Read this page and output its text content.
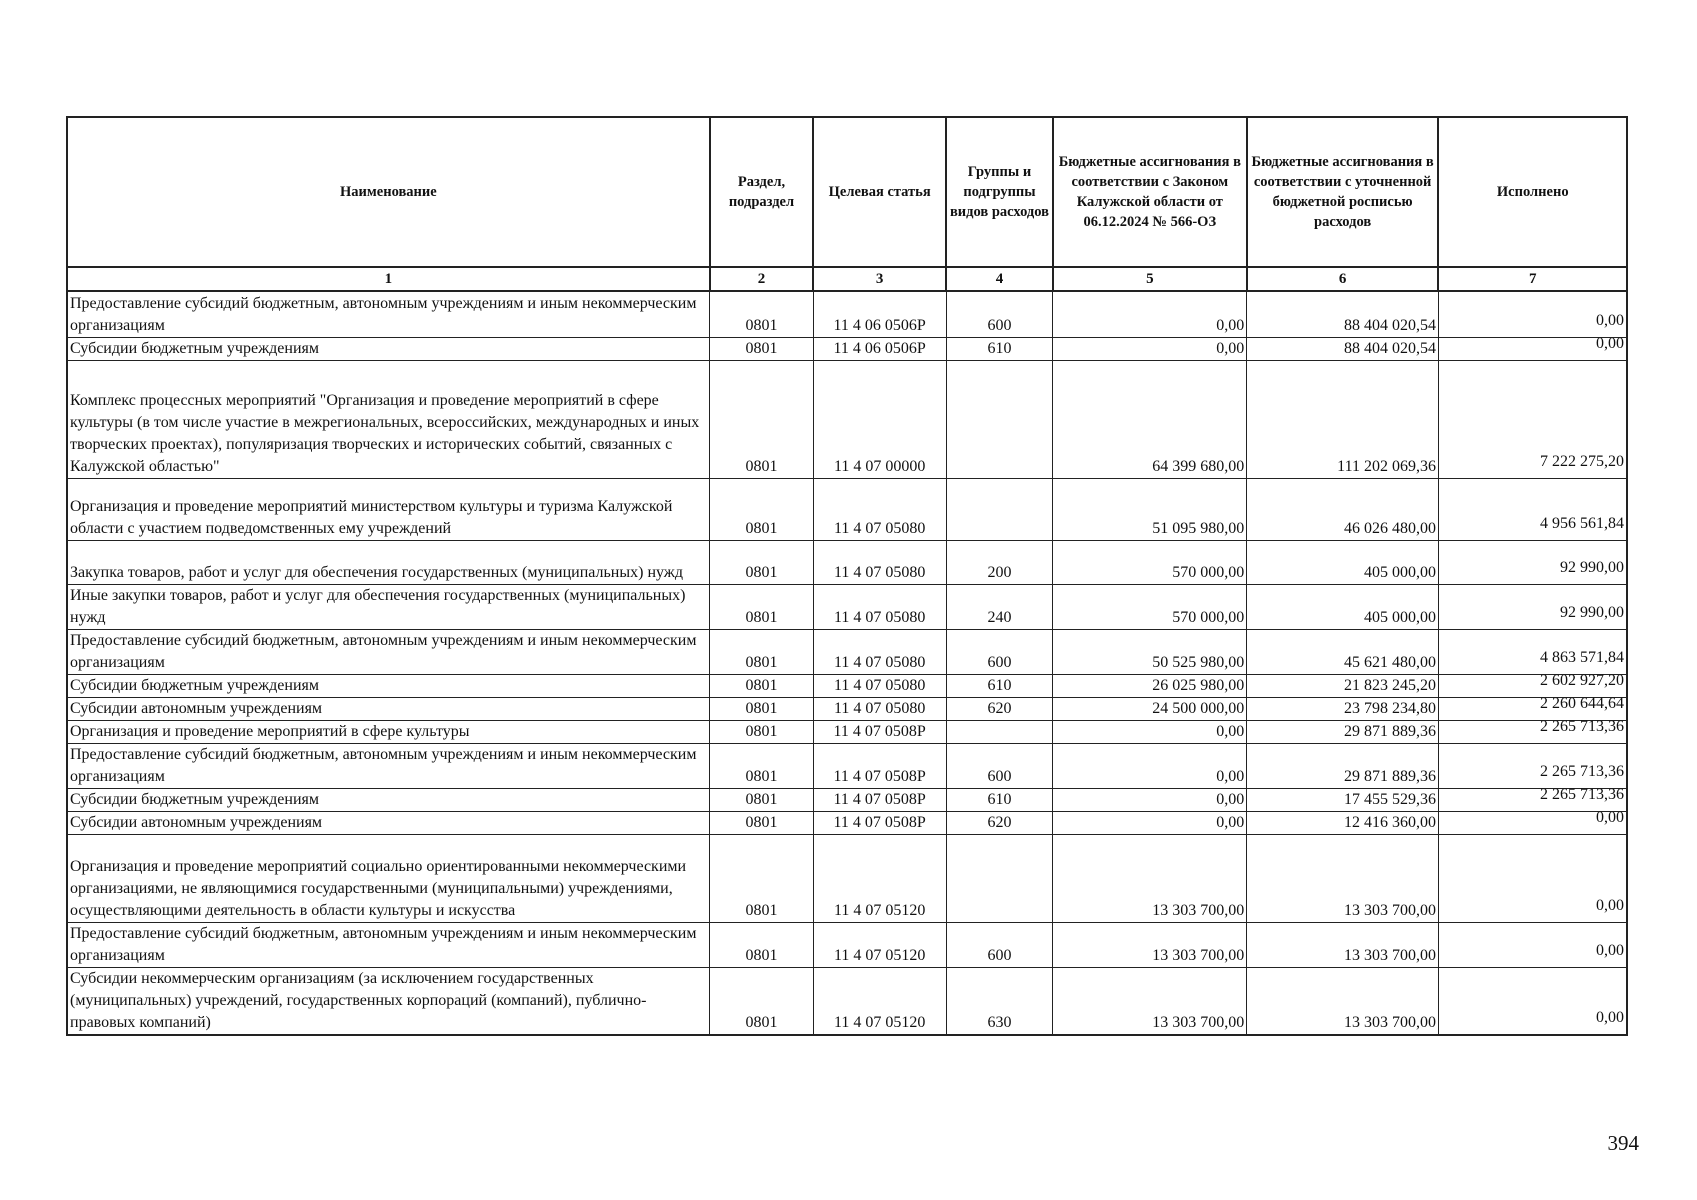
Наименование	Раздел, подраздел	Целевая статья	Группы и подгруппы видов расходов	Бюджетные ассигнования в соответствии с Законом Калужской области от 06.12.2024 № 566-ОЗ	Бюджетные ассигнования в соответствии с уточненной бюджетной росписью расходов	Исполнено
1	2	3	4	5	6	7
Предоставление субсидий бюджетным, автономным учреждениям и иным некоммерческим организациям	0801	11 4 06 0506Р	600	0,00	88 404 020,54	0,00
Субсидии бюджетным учреждениям	0801	11 4 06 0506Р	610	0,00	88 404 020,54	0,00
Комплекс процессных мероприятий "Организация и проведение мероприятий в сфере культуры (в том числе участие в межрегиональных, всероссийских, международных и иных творческих проектах), популяризация творческих и исторических событий, связанных с Калужской областью"	0801	11 4 07 00000		64 399 680,00	111 202 069,36	7 222 275,20
Организация и проведение мероприятий министерством культуры и туризма Калужской области с участием подведомственных ему учреждений	0801	11 4 07 05080		51 095 980,00	46 026 480,00	4 956 561,84
Закупка товаров, работ и услуг для обеспечения государственных (муниципальных) нужд	0801	11 4 07 05080	200	570 000,00	405 000,00	92 990,00
Иные закупки товаров, работ и услуг для обеспечения государственных (муниципальных) нужд	0801	11 4 07 05080	240	570 000,00	405 000,00	92 990,00
Предоставление субсидий бюджетным, автономным учреждениям и иным некоммерческим организациям	0801	11 4 07 05080	600	50 525 980,00	45 621 480,00	4 863 571,84
Субсидии бюджетным учреждениям	0801	11 4 07 05080	610	26 025 980,00	21 823 245,20	2 602 927,20
Субсидии автономным учреждениям	0801	11 4 07 05080	620	24 500 000,00	23 798 234,80	2 260 644,64
Организация и проведение мероприятий в сфере культуры	0801	11 4 07 0508Р		0,00	29 871 889,36	2 265 713,36
Предоставление субсидий бюджетным, автономным учреждениям и иным некоммерческим организациям	0801	11 4 07 0508Р	600	0,00	29 871 889,36	2 265 713,36
Субсидии бюджетным учреждениям	0801	11 4 07 0508Р	610	0,00	17 455 529,36	2 265 713,36
Субсидии автономным учреждениям	0801	11 4 07 0508Р	620	0,00	12 416 360,00	0,00
Организация и проведение мероприятий социально ориентированными некоммерческими организациями, не являющимися государственными (муниципальными) учреждениями, осуществляющими деятельность в области культуры и искусства	0801	11 4 07 05120		13 303 700,00	13 303 700,00	0,00
Предоставление субсидий бюджетным, автономным учреждениям и иным некоммерческим организациям	0801	11 4 07 05120	600	13 303 700,00	13 303 700,00	0,00
Субсидии некоммерческим организациям (за исключением государственных (муниципальных) учреждений, государственных корпораций (компаний), публично-правовых компаний)	0801	11 4 07 05120	630	13 303 700,00	13 303 700,00	0,00
394
